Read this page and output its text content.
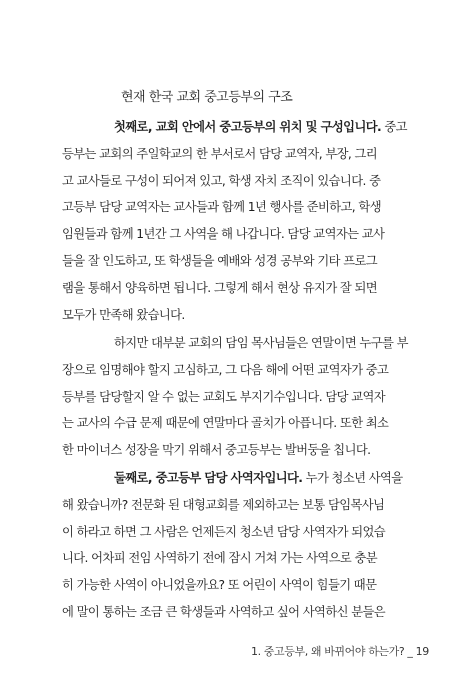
현재 한국 교회 중고등부의 구조

첫째로, 교회 안에서 중고등부의 위치 및 구성입니다. 중고
등부는 교회의 주일학교의 한 부서로서 담당 교역자, 부장, 그리
고 교사들로 구성이 되어져 있고, 학생 자치 조직이 있습니다. 중
고등부 담당 교역자는 교사들과 함께 1년 행사를 준비하고, 학생
임원들과 함께 1년간 그 사역을 해 나갑니다. 담당 교역자는 교사
들을 잘 인도하고, 또 학생들을 예배와 성경 공부와 기타 프로그
램을 통해서 양육하면 됩니다. 그렇게 해서 현상 유지가 잘 되면
모두가 만족해 왔습니다.

하지만 대부분 교회의 담임 목사님들은 연말이면 누구를 부
장으로 임명해야 할지 고심하고, 그 다음 해에 어떤 교역자가 중고
등부를 담당할지 알 수 없는 교회도 부지기수입니다. 담당 교역자
는 교사의 수급 문제 때문에 연말마다 골치가 아픕니다. 또한 최소
한 마이너스 성장을 막기 위해서 중고등부는 발버둥을 칩니다.

둘째로, 중고등부 담당 사역자입니다. 누가 청소년 사역을
해 왔습니까? 전문화 된 대형교회를 제외하고는 보통 담임목사님
이 하라고 하면 그 사람은 언제든지 청소년 담당 사역자가 되었습
니다. 어차피 전임 사역하기 전에 잠시 거쳐 가는 사역으로 충분
히 가능한 사역이 아니었을까요? 또 어린이 사역이 힘들기 때문
에 말이 통하는 조금 큰 학생들과 사역하고 싶어 사역하신 분들은

1. 중고등부, 왜 바뀌어야 하는가? _ 19
